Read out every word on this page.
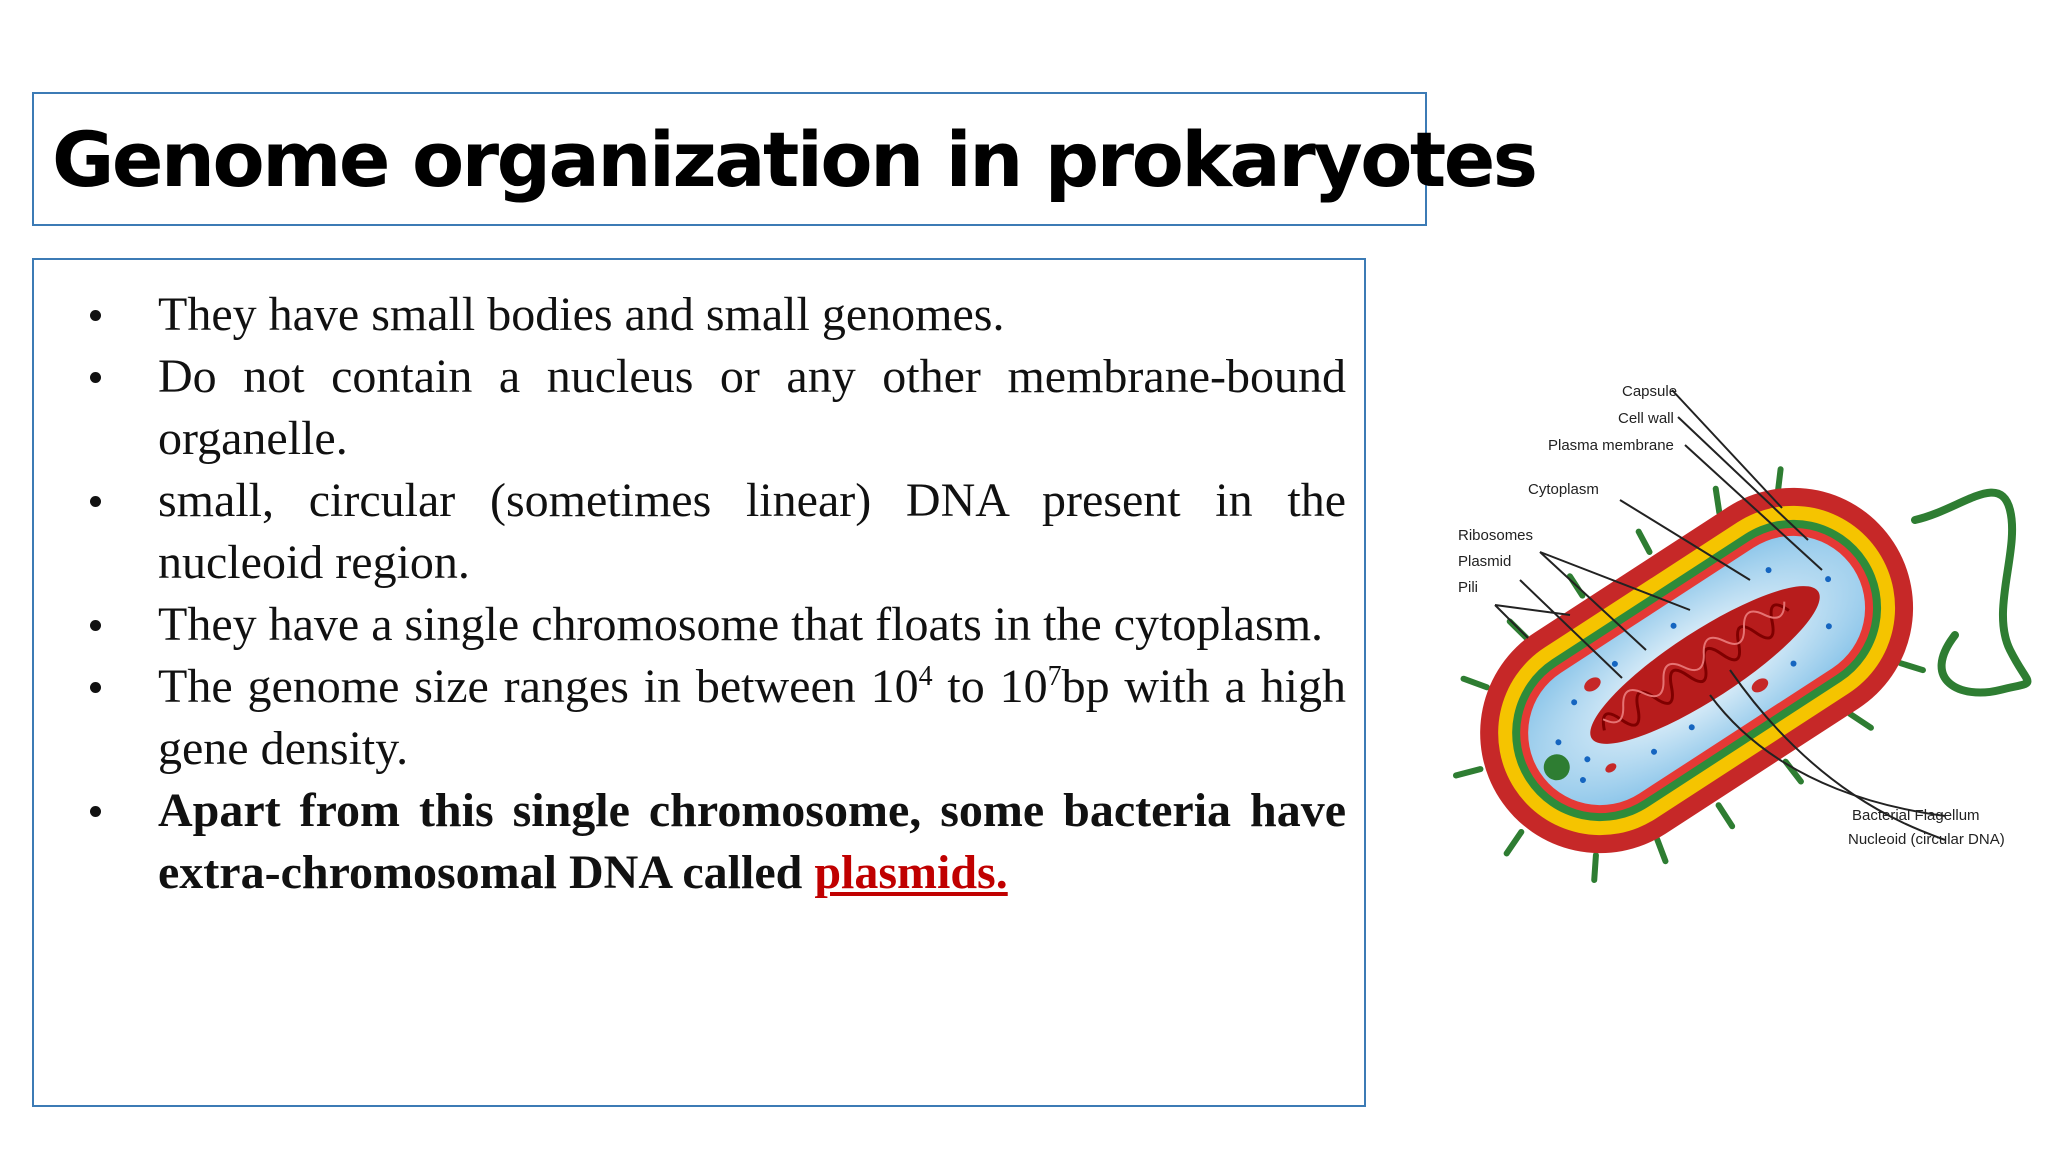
Genome organization in prokaryotes
They have small bodies and small genomes.
Do not contain a nucleus or any other membrane-bound organelle.
small, circular (sometimes linear) DNA present in the nucleoid region.
They have a single chromosome that floats in the cytoplasm.
The genome size ranges in between $10^4$ to $10^7bp$ with a high gene density.
Apart from this single chromosome, some bacteria have extra-chromosomal DNA called plasmids.
Capsule
Cell wall
Plasma membrane
Cytoplasm
Ribosomes
Plasmid
Pili
Bacterial Flagellum
Nucleoid (circular DNA)
